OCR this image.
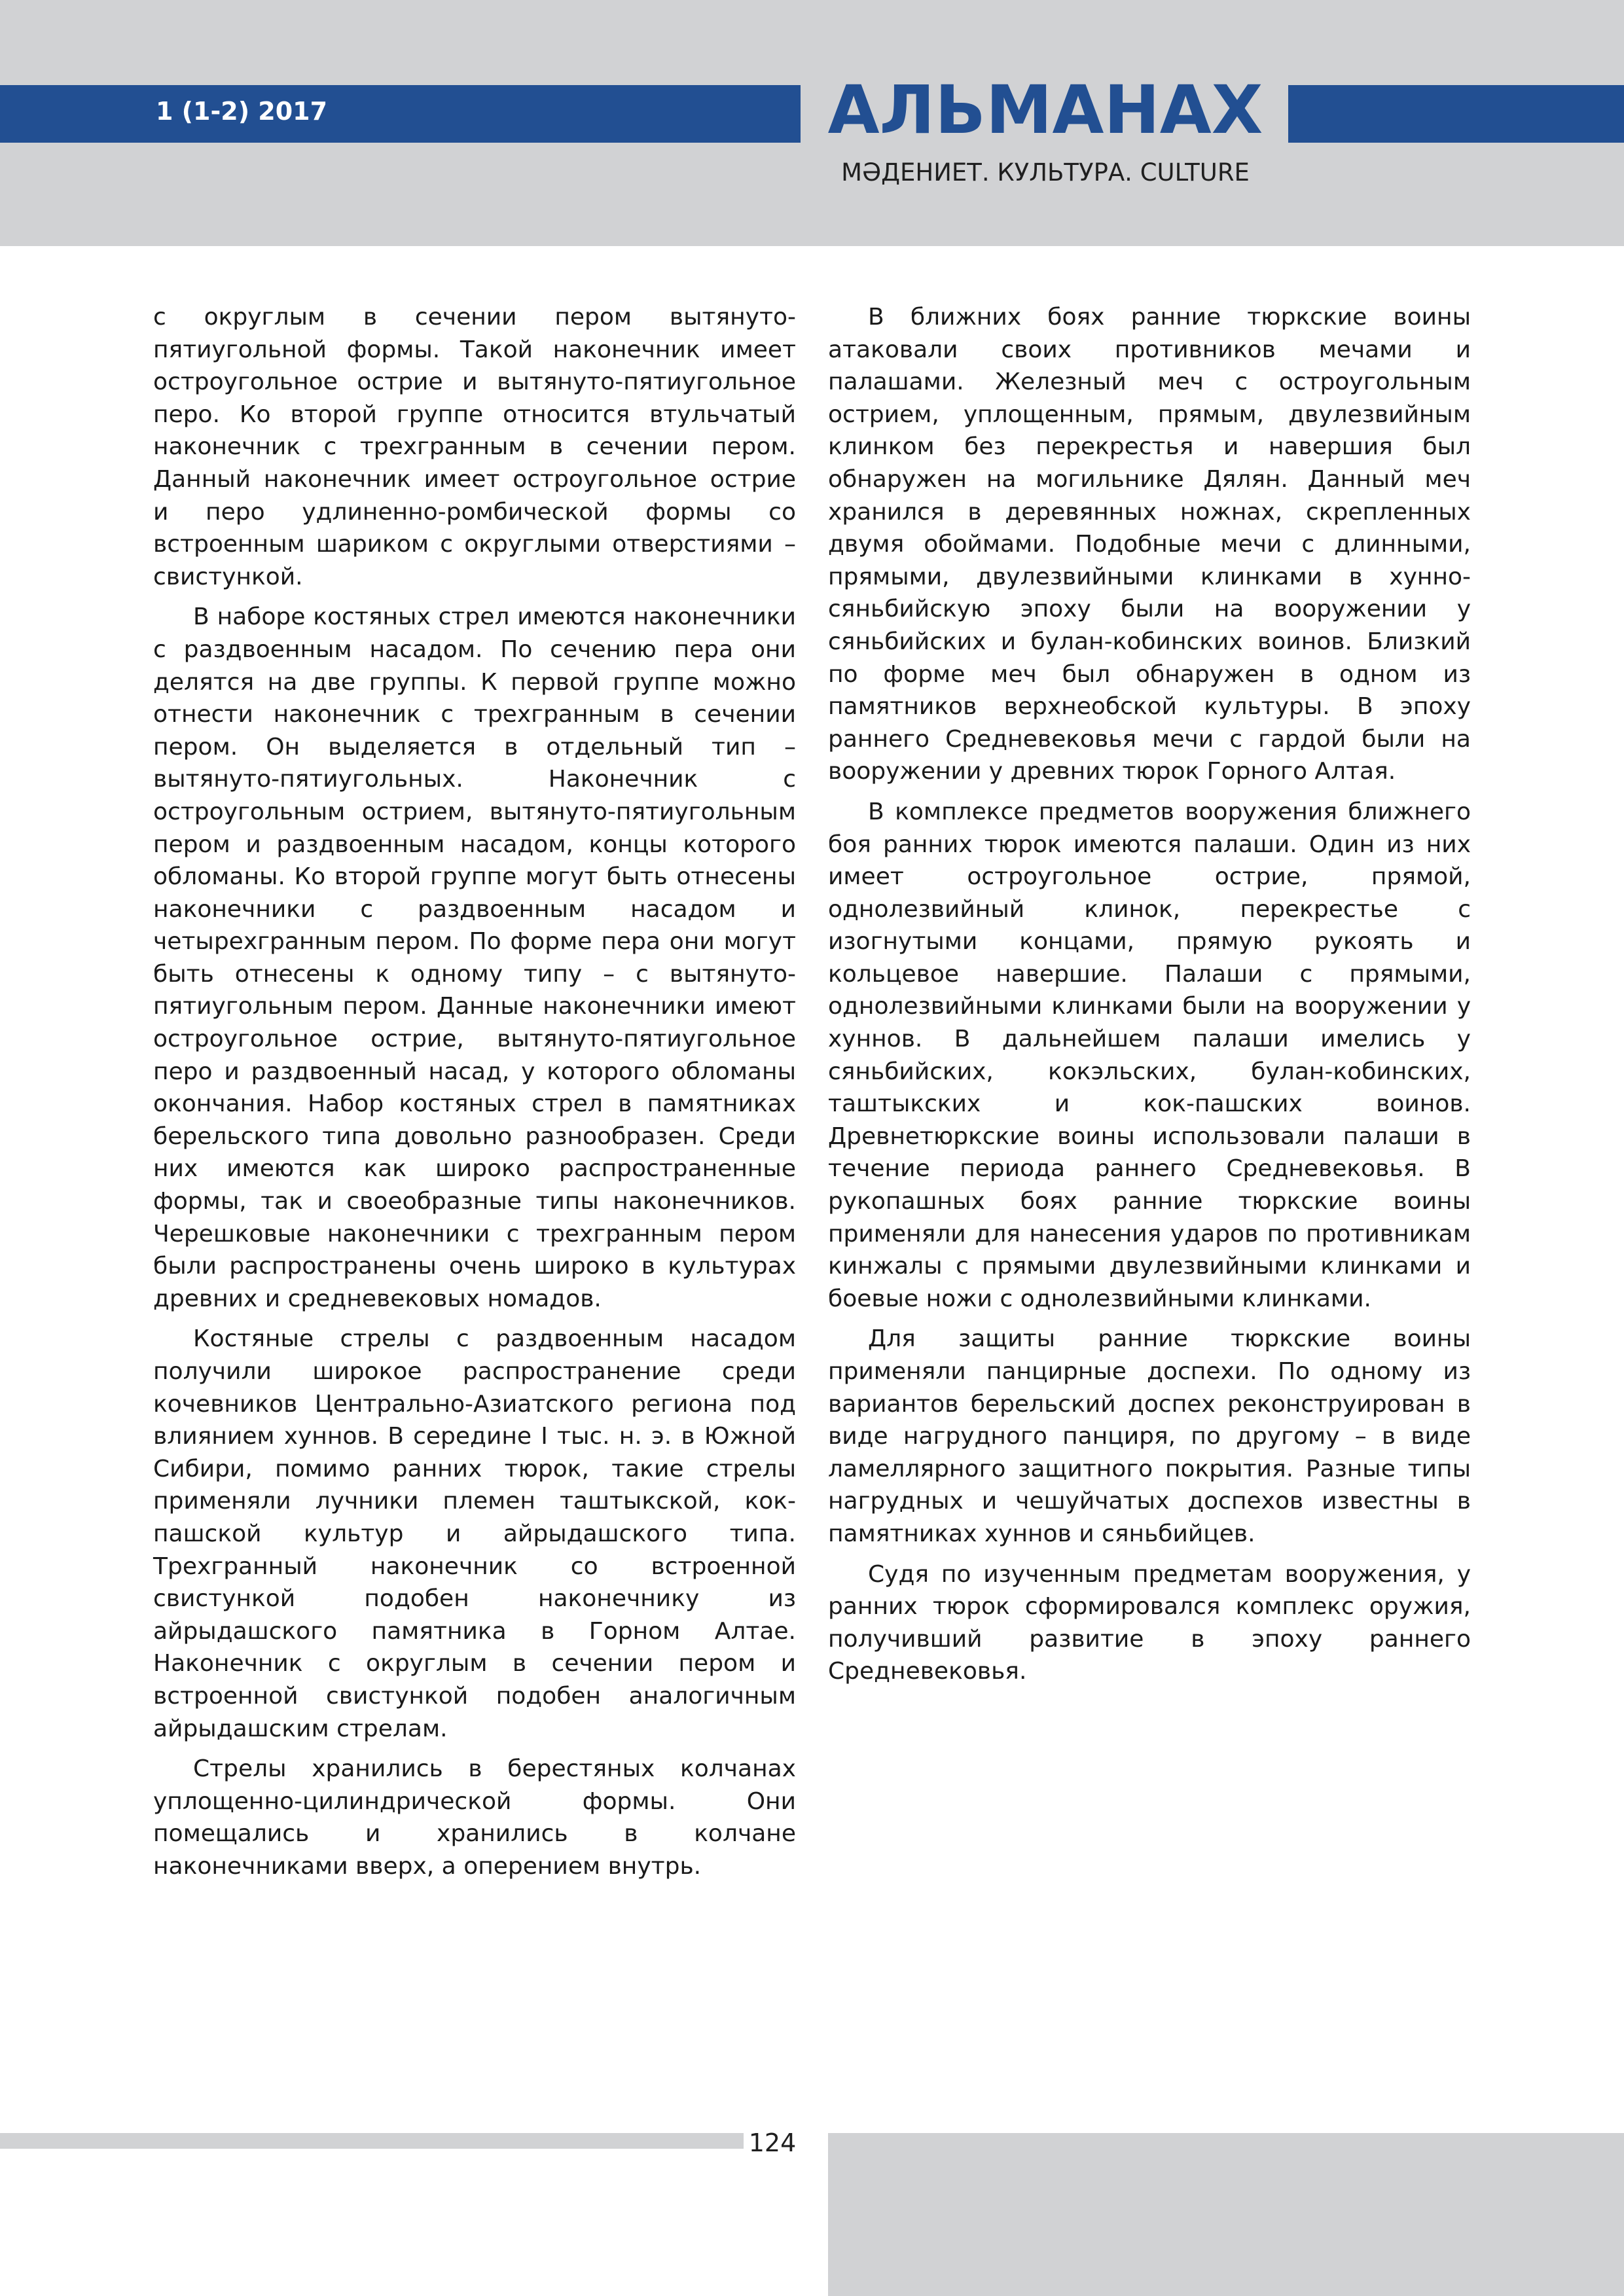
1 (1-2) 2017	АЛЬМАНАХ
МӘДЕНИЕТ. КУЛЬТУРА. CULTURE

с округлым в сечении пером вытянуто-пятиугольной формы. Такой наконечник имеет остроугольное острие и вытянуто-пятиугольное перо. Ко второй группе относится втульчатый наконечник с трехгранным в сечении пером. Данный наконечник имеет остроугольное острие и перо удлиненно-ромбической формы со встроенным шариком с округлыми отверстиями – свистункой.

В наборе костяных стрел имеются наконечники с раздвоенным насадом. По сечению пера они делятся на две группы. К первой группе можно отнести наконечник с трехгранным в сечении пером. Он выделяется в отдельный тип – вытянуто-пятиугольных. Наконечник с остроугольным острием, вытянуто-пятиугольным пером и раздвоенным насадом, концы которого обломаны. Ко второй группе могут быть отнесены наконечники с раздвоенным насадом и четырехгранным пером. По форме пера они могут быть отнесены к одному типу – с вытянуто-пятиугольным пером. Данные наконечники имеют остроугольное острие, вытянуто-пятиугольное перо и раздвоенный насад, у которого обломаны окончания. Набор костяных стрел в памятниках берельского типа довольно разнообразен. Среди них имеются как широко распространенные формы, так и своеобразные типы наконечников. Черешковые наконечники с трехгранным пером были распространены очень широко в культурах древних и средневековых номадов.

Костяные стрелы с раздвоенным насадом получили широкое распространение среди кочевников Центрально-Азиатского региона под влиянием хуннов. В середине I тыс. н. э. в Южной Сибири, помимо ранних тюрок, такие стрелы применяли лучники племен таштыкской, кок-пашской культур и айрыдашского типа. Трехгранный наконечник со встроенной свистункой подобен наконечнику из айрыдашского памятника в Горном Алтае. Наконечник с округлым в сечении пером и встроенной свистункой подобен аналогичным айрыдашским стрелам.

Стрелы хранились в берестяных колчанах уплощенно-цилиндрической формы. Они помещались и хранились в колчане наконечниками вверх, а оперением внутрь.

В ближних боях ранние тюркские воины атаковали своих противников мечами и палашами. Железный меч с остроугольным острием, уплощенным, прямым, двулезвийным клинком без перекрестья и навершия был обнаружен на могильнике Дялян. Данный меч хранился в деревянных ножнах, скрепленных двумя обоймами. Подобные мечи с длинными, прямыми, двулезвийными клинками в хунно-сяньбийскую эпоху были на вооружении у сяньбийских и булан-кобинских воинов. Близкий по форме меч был обнаружен в одном из памятников верхнеобской культуры. В эпоху раннего Средневековья мечи с гардой были на вооружении у древних тюрок Горного Алтая.

В комплексе предметов вооружения ближнего боя ранних тюрок имеются палаши. Один из них имеет остроугольное острие, прямой, однолезвийный клинок, перекрестье с изогнутыми концами, прямую рукоять и кольцевое навершие. Палаши с прямыми, однолезвийными клинками были на вооружении у хуннов. В дальнейшем палаши имелись у сяньбийских, кокэльских, булан-кобинских, таштыкских и кок-пашских воинов. Древнетюркские воины использовали палаши в течение периода раннего Средневековья. В рукопашных боях ранние тюркские воины применяли для нанесения ударов по противникам кинжалы с прямыми двулезвийными клинками и боевые ножи с однолезвийными клинками.

Для защиты ранние тюркские воины применяли панцирные доспехи. По одному из вариантов берельский доспех реконструирован в виде нагрудного панциря, по другому – в виде ламеллярного защитного покрытия. Разные типы нагрудных и чешуйчатых доспехов известны в памятниках хуннов и сяньбийцев.

Судя по изученным предметам вооружения, у ранних тюрок сформировался комплекс оружия, получивший развитие в эпоху раннего Средневековья.

124
